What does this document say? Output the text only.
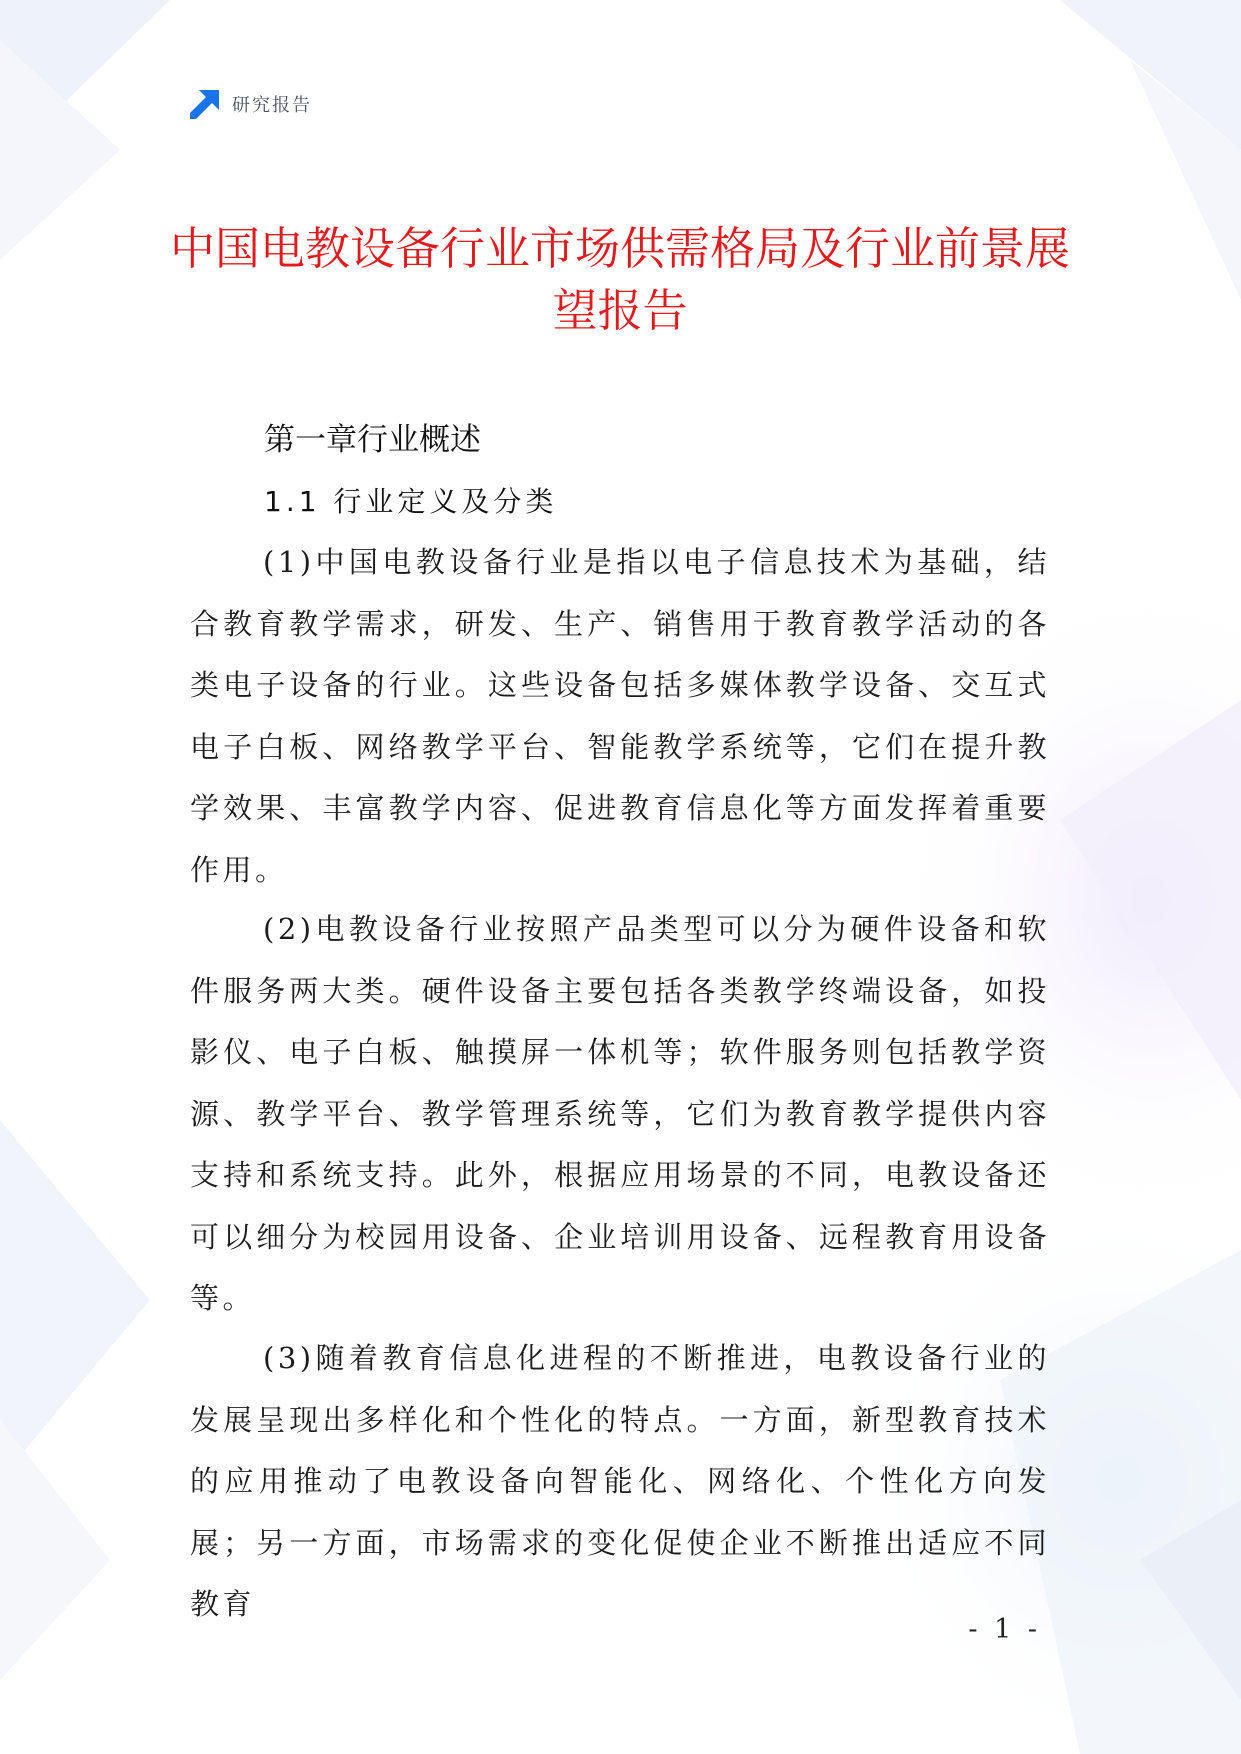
研究报告
中国电教设备行业市场供需格局及行业前景展望报告
第一章行业概述
1.1 行业定义及分类

(1)中国电教设备行业是指以电子信息技术为基础，结合教育教学需求，研发、生产、销售用于教育教学活动的各类电子设备的行业。这些设备包括多媒体教学设备、交互式电子白板、网络教学平台、智能教学系统等，它们在提升教学效果、丰富教学内容、促进教育信息化等方面发挥着重要作用。

(2)电教设备行业按照产品类型可以分为硬件设备和软件服务两大类。硬件设备主要包括各类教学终端设备，如投影仪、电子白板、触摸屏一体机等；软件服务则包括教学资源、教学平台、教学管理系统等，它们为教育教学提供内容支持和系统支持。此外，根据应用场景的不同，电教设备还可以细分为校园用设备、企业培训用设备、远程教育用设备等。

(3)随着教育信息化进程的不断推进，电教设备行业的发展呈现出多样化和个性化的特点。一方面，新型教育技术的应用推动了电教设备向智能化、网络化、个性化方向发展；另一方面，市场需求的变化促使企业不断推出适应不同教育

- 1 -
